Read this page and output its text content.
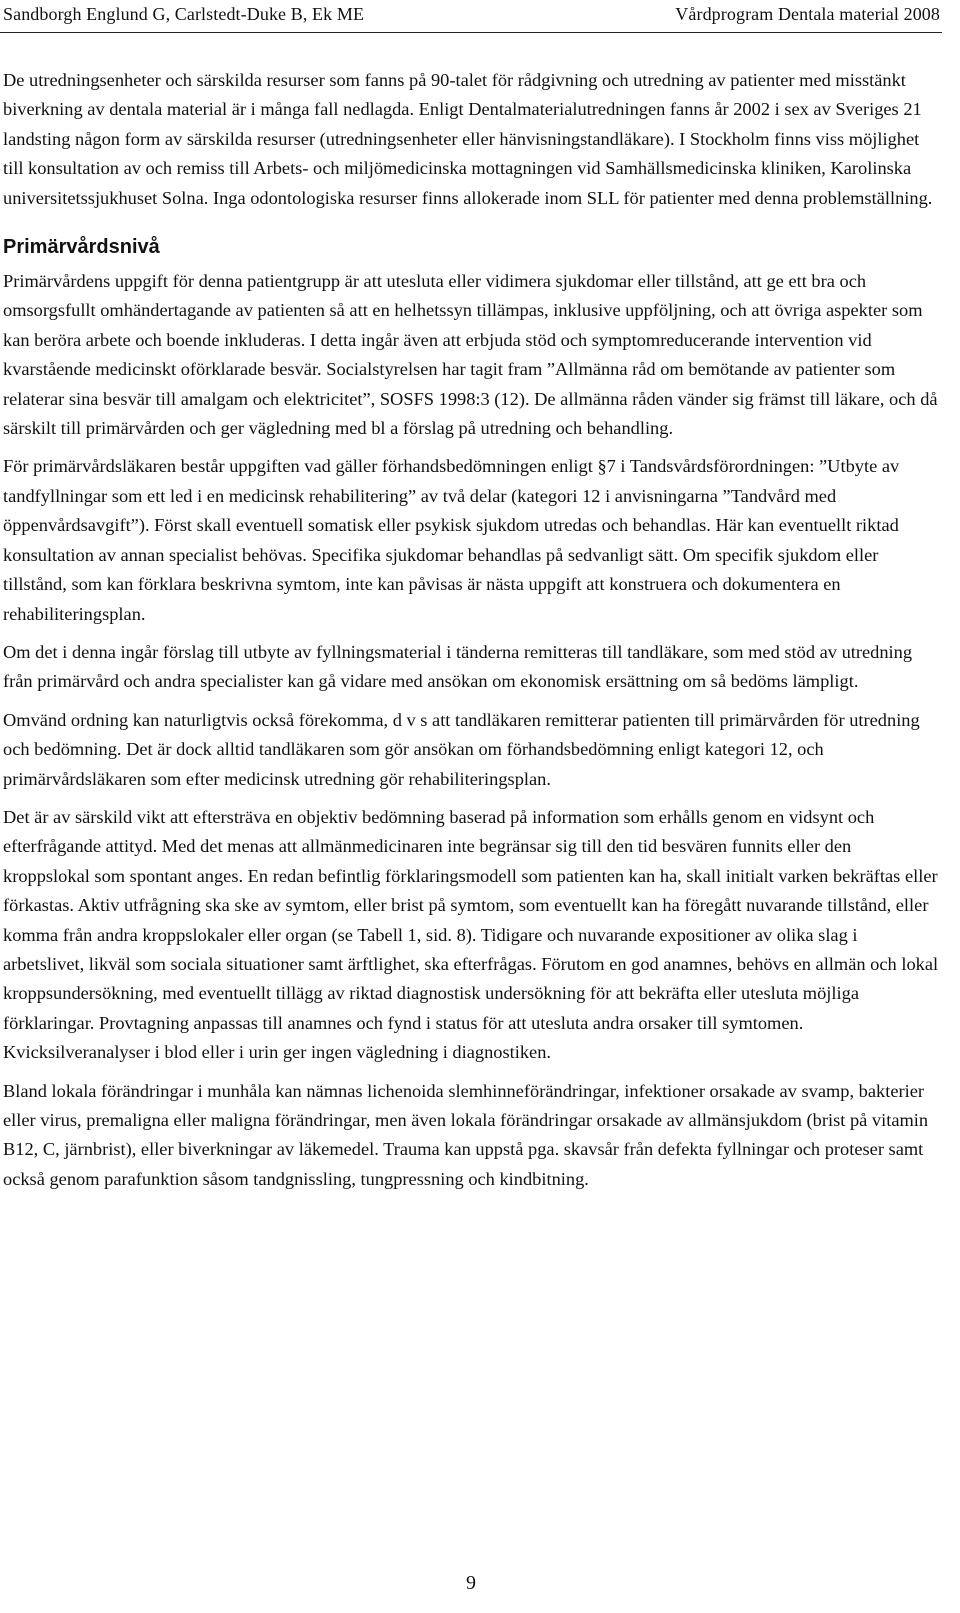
Sandborgh Englund G, Carlstedt-Duke B, Ek ME	Vårdprogram Dentala material 2008

De utredningsenheter och särskilda resurser som fanns på 90-talet för rådgivning och utredning av patienter med misstänkt biverkning av dentala material är i många fall nedlagda. Enligt Dentalmaterialutredningen fanns år 2002 i sex av Sveriges 21 landsting någon form av särskilda resurser (utredningsenheter eller hänvisningstandläkare). I Stockholm finns viss möjlighet till konsultation av och remiss till Arbets- och miljömedicinska mottagningen vid Samhällsmedicinska kliniken, Karolinska universitetssjukhuset Solna. Inga odontologiska resurser finns allokerade inom SLL för patienter med denna problemställning.

Primärvårdsnivå

Primärvårdens uppgift för denna patientgrupp är att utesluta eller vidimera sjukdomar eller tillstånd, att ge ett bra och omsorgsfullt omhändertagande av patienten så att en helhetssyn tillämpas, inklusive uppföljning, och att övriga aspekter som kan beröra arbete och boende inkluderas. I detta ingår även att erbjuda stöd och symptomreducerande intervention vid kvarstående medicinskt oförklarade besvär. Socialstyrelsen har tagit fram ”Allmänna råd om bemötande av patienter som relaterar sina besvär till amalgam och elektricitet”, SOSFS 1998:3 (12). De allmänna råden vänder sig främst till läkare, och då särskilt till primärvården och ger vägledning med bl a förslag på utredning och behandling.

För primärvårdsläkaren består uppgiften vad gäller förhandsbedömningen enligt §7 i Tandsvårdsförordningen: ”Utbyte av tandfyllningar som ett led i en medicinsk rehabilitering” av två delar (kategori 12 i anvisningarna ”Tandvård med öppenvårdsavgift”). Först skall eventuell somatisk eller psykisk sjukdom utredas och behandlas. Här kan eventuellt riktad konsultation av annan specialist behövas. Specifika sjukdomar behandlas på sedvanligt sätt. Om specifik sjukdom eller tillstånd, som kan förklara beskrivna symtom, inte kan påvisas är nästa uppgift att konstruera och dokumentera en rehabiliteringsplan.

Om det i denna ingår förslag till utbyte av fyllningsmaterial i tänderna remitteras till tandläkare, som med stöd av utredning från primärvård och andra specialister kan gå vidare med ansökan om ekonomisk ersättning om så bedöms lämpligt.

Omvänd ordning kan naturligtvis också förekomma, d v s att tandläkaren remitterar patienten till primärvården för utredning och bedömning. Det är dock alltid tandläkaren som gör ansökan om förhandsbedömning enligt kategori 12, och primärvårdsläkaren som efter medicinsk utredning gör rehabiliteringsplan.

Det är av särskild vikt att eftersträva en objektiv bedömning baserad på information som erhålls genom en vidsynt och efterfrågande attityd. Med det menas att allmänmedicinaren inte begränsar sig till den tid besvären funnits eller den kroppslokal som spontant anges. En redan befintlig förklaringsmodell som patienten kan ha, skall initialt varken bekräftas eller förkastas. Aktiv utfrågning ska ske av symtom, eller brist på symtom, som eventuellt kan ha föregått nuvarande tillstånd, eller komma från andra kroppslokaler eller organ (se Tabell 1, sid. 8). Tidigare och nuvarande expositioner av olika slag i arbetslivet, likväl som sociala situationer samt ärftlighet, ska efterfrågas. Förutom en god anamnes, behövs en allmän och lokal kroppsundersökning, med eventuellt tillägg av riktad diagnostisk undersökning för att bekräfta eller utesluta möjliga förklaringar. Provtagning anpassas till anamnes och fynd i status för att utesluta andra orsaker till symtomen. Kvicksilveranalyser i blod eller i urin ger ingen vägledning i diagnostiken.

Bland lokala förändringar i munhåla kan nämnas lichenoida slemhinneförändringar, infektioner orsakade av svamp, bakterier eller virus, premaligna eller maligna förändringar, men även lokala förändringar orsakade av allmänsjukdom (brist på vitamin B12, C, järnbrist), eller biverkningar av läkemedel. Trauma kan uppstå pga. skavsår från defekta fyllningar och proteser samt också genom parafunktion såsom tandgnissling, tungpressning och kindbitning.

9
